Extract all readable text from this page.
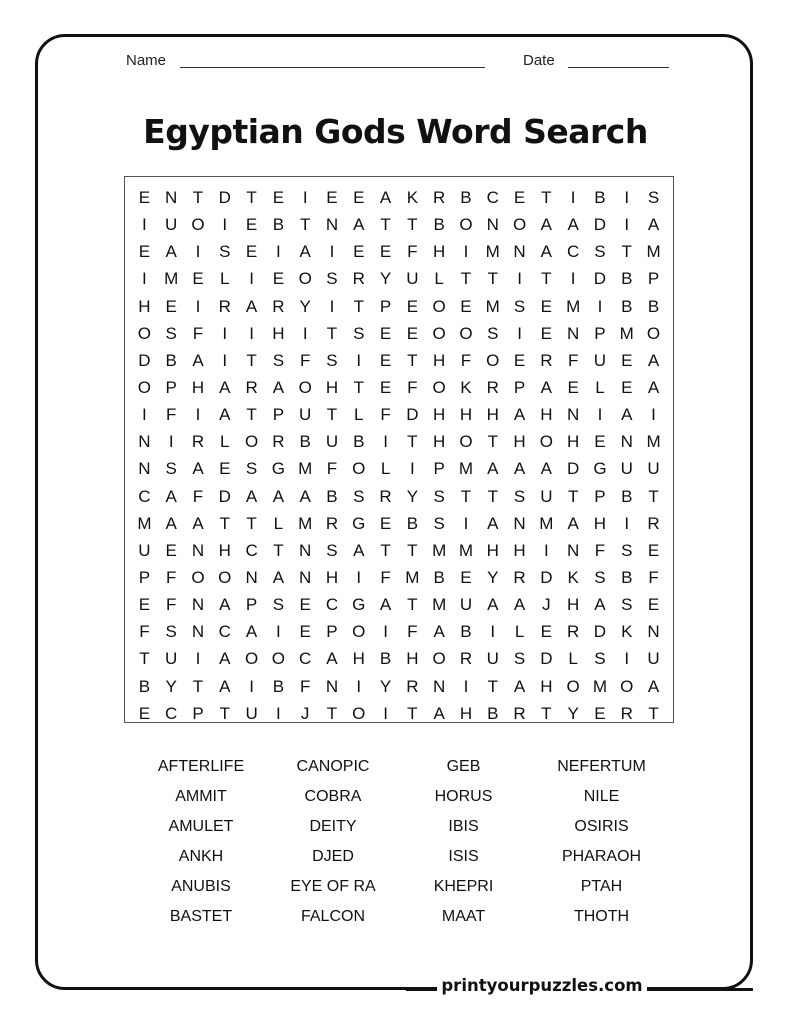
Name	Date
Egyptian Gods Word Search
E N T D T E	I	E E A K R B C E T	I	B	I	S
I	U O	I	E B T N A T T B O N O A A D	I	A
E A	I	S E	I	A	I	E E F H	I	M N A C S T M
I	M E L	I	E O S R Y U L T T	I	T	I	D B P
H E	I	R A R Y	I	T P E O E M S E M	I	B B
O S F	I	I	H	I	T S E E O O S	I	E N P M O
D B A	I	T S F S	I	E T H F O E R F U E A
O P H A R A O H T E F O K R P A E L E A
I	F	I	A T P U T L F D H H H A H N	I	A	I
N	I	R L O R B U B	I	T H O T H O H E N M
N S A E S G M F O L	I	P M A A A D G U U
C A F D A A A B S R Y S T T S U T P B T
M A A T T L M R G E B S	I	A N M A H	I	R
U E N H C T N S A T T M M H H	I	N F S E
P F O O N A N H	I	F M B E Y R D K S B F
E F N A P S E C G A T M U A A J H A S E
F S N C A	I	E P O	I	F A B	I	L E R D K N
T U	I	A O O C A H B H O R U S D L S	I	U
B Y T A	I	B F N	I	Y R N	I	T A H O M O A
E C P T U	I	J	T O	I	T A H B R T Y E R T
AFTERLIFE	CANOPIC	GEB	NEFERTUM
AMMIT	COBRA	HORUS	NILE
AMULET	DEITY	IBIS	OSIRIS
ANKH	DJED	ISIS	PHARAOH
ANUBIS	EYE OF RA	KHEPRI	PTAH
BASTET	FALCON	MAAT	THOTH
printyourpuzzles.com
